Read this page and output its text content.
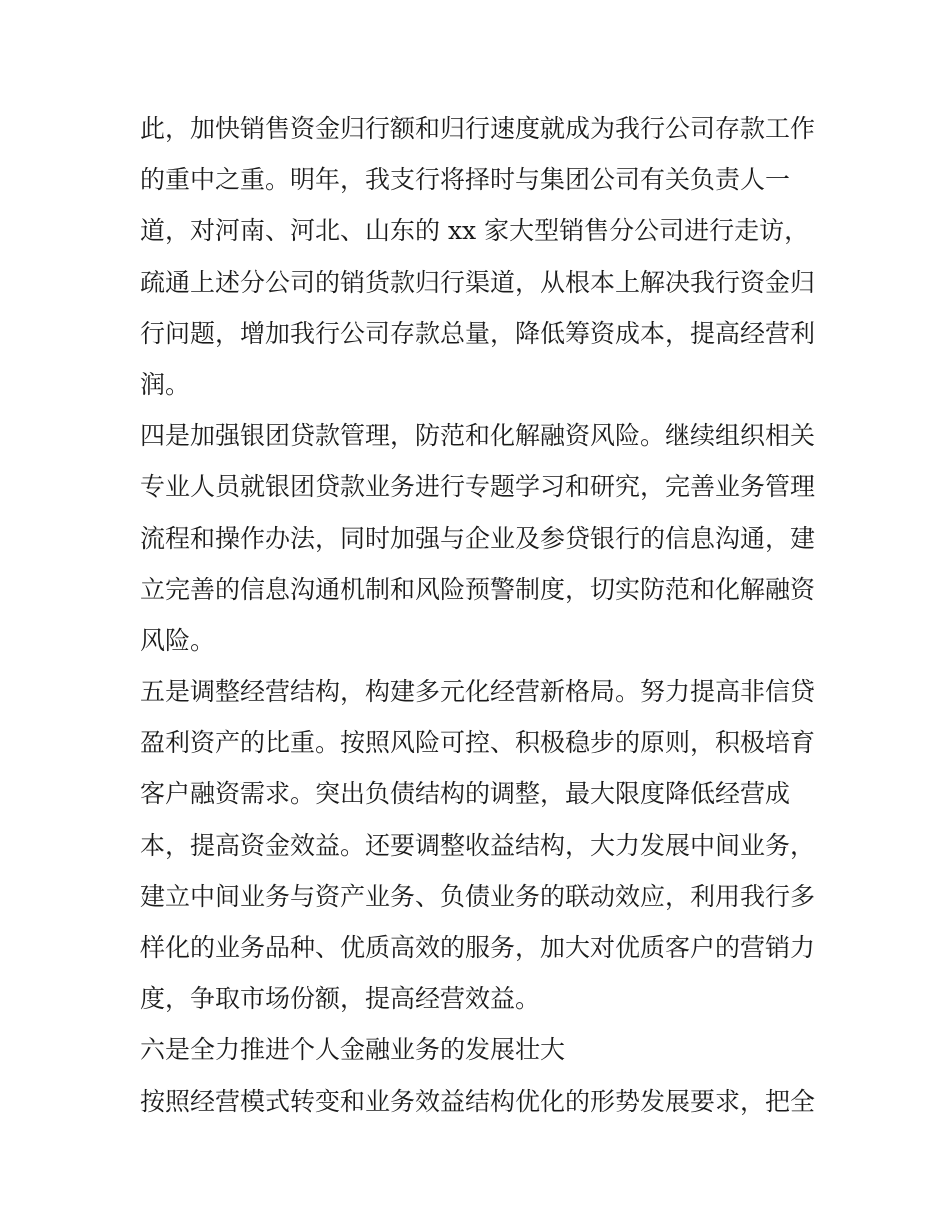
此，加快销售资金归行额和归行速度就成为我行公司存款工作
的重中之重。明年，我支行将择时与集团公司有关负责人一
道，对河南、河北、山东的 xx 家大型销售分公司进行走访，
疏通上述分公司的销货款归行渠道，从根本上解决我行资金归
行问题，增加我行公司存款总量，降低筹资成本，提高经营利
润。
四是加强银团贷款管理，防范和化解融资风险。继续组织相关
专业人员就银团贷款业务进行专题学习和研究，完善业务管理
流程和操作办法，同时加强与企业及参贷银行的信息沟通，建
立完善的信息沟通机制和风险预警制度，切实防范和化解融资
风险。
五是调整经营结构，构建多元化经营新格局。努力提高非信贷
盈利资产的比重。按照风险可控、积极稳步的原则，积极培育
客户融资需求。突出负债结构的调整，最大限度降低经营成
本，提高资金效益。还要调整收益结构，大力发展中间业务，
建立中间业务与资产业务、负债业务的联动效应，利用我行多
样化的业务品种、优质高效的服务，加大对优质客户的营销力
度，争取市场份额，提高经营效益。
六是全力推进个人金融业务的发展壮大
按照经营模式转变和业务效益结构优化的形势发展要求，把全
